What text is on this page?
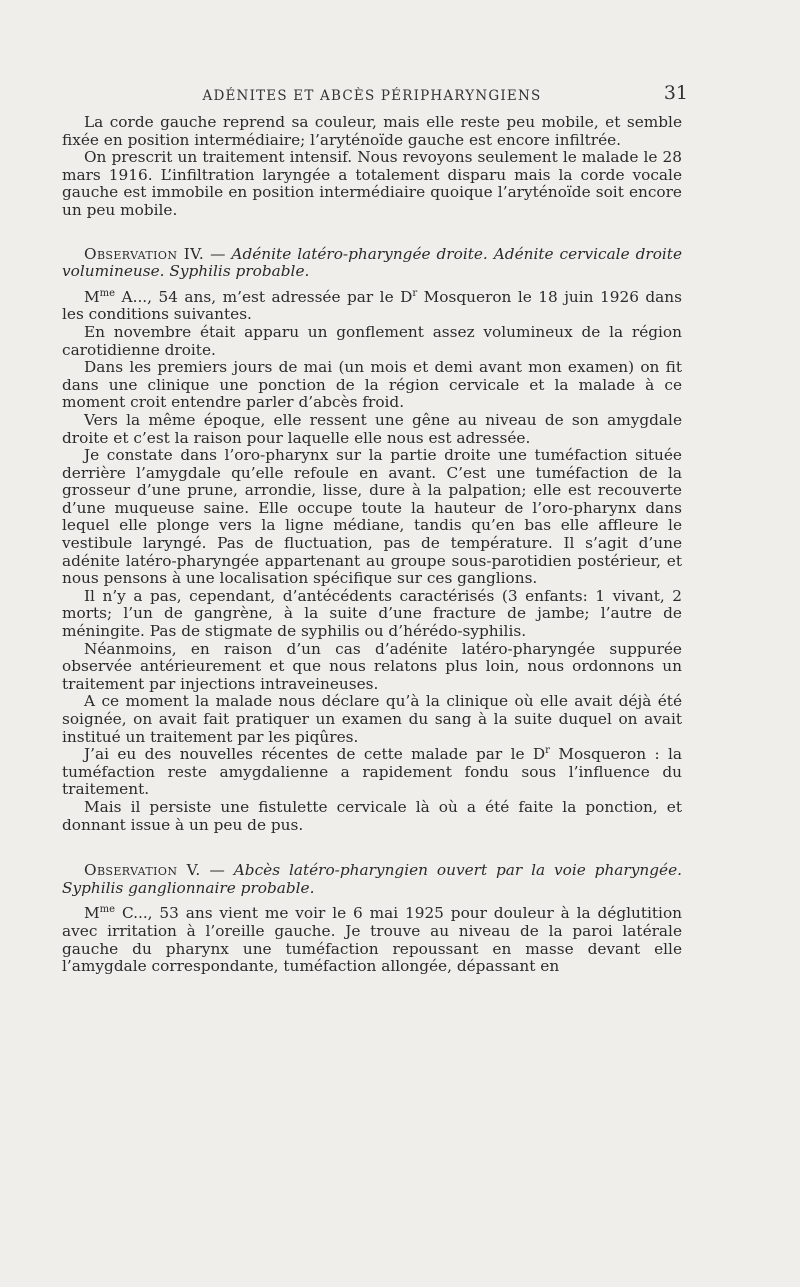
ADÉNITES ET ABCÈS PÉRIPHARYNGIENS	31

La corde gauche reprend sa couleur, mais elle reste peu mobile, et semble fixée en position intermédiaire; l’aryténoïde gauche est encore infiltrée.

On prescrit un traitement intensif. Nous revoyons seulement le malade le 28 mars 1916. L’infiltration laryngée a totalement disparu mais la corde vocale gauche est immobile en position intermédiaire quoique l’aryténoïde soit encore un peu mobile.

Observation IV. — Adénite latéro-pharyngée droite. Adénite cervicale droite volumineuse. Syphilis probable.

$M^{me}$ A..., 54 ans, m’est adressée par le $D^r$ Mosqueron le 18 juin 1926 dans les conditions suivantes.

En novembre était apparu un gonflement assez volumineux de la région carotidienne droite.

Dans les premiers jours de mai (un mois et demi avant mon examen) on fit dans une clinique une ponction de la région cervicale et la malade à ce moment croit entendre parler d’abcès froid.

Vers la même époque, elle ressent une gêne au niveau de son amygdale droite et c’est la raison pour laquelle elle nous est adressée.

Je constate dans l’oro-pharynx sur la partie droite une tuméfaction située derrière l’amygdale qu’elle refoule en avant. C’est une tuméfaction de la grosseur d’une prune, arrondie, lisse, dure à la palpation; elle est recouverte d’une muqueuse saine. Elle occupe toute la hauteur de l’oro-pharynx dans lequel elle plonge vers la ligne médiane, tandis qu’en bas elle affleure le vestibule laryngé. Pas de fluctuation, pas de température. Il s’agit d’une adénite latéro-pharyngée appartenant au groupe sous-parotidien postérieur, et nous pensons à une localisation spécifique sur ces ganglions.

Il n’y a pas, cependant, d’antécédents caractérisés (3 enfants: 1 vivant, 2 morts; l’un de gangrène, à la suite d’une fracture de jambe; l’autre de méningite. Pas de stigmate de syphilis ou d’hérédo-syphilis.

Néanmoins, en raison d’un cas d’adénite latéro-pharyngée suppurée observée antérieurement et que nous relatons plus loin, nous ordonnons un traitement par injections intraveineuses.

A ce moment la malade nous déclare qu’à la clinique où elle avait déjà été soignée, on avait fait pratiquer un examen du sang à la suite duquel on avait institué un traitement par les piqûres.

J’ai eu des nouvelles récentes de cette malade par le $D^r$ Mosqueron : la tuméfaction reste amygdalienne a rapidement fondu sous l’influence du traitement.

Mais il persiste une fistulette cervicale là où a été faite la ponction, et donnant issue à un peu de pus.

Observation V. — Abcès latéro-pharyngien ouvert par la voie pharyngée. Syphilis ganglionnaire probable.

$M^{me}$ C..., 53 ans vient me voir le 6 mai 1925 pour douleur à la déglutition avec irritation à l’oreille gauche. Je trouve au niveau de la paroi latérale gauche du pharynx une tuméfaction repoussant en masse devant elle l’amygdale correspondante, tuméfaction allongée, dépassant en
